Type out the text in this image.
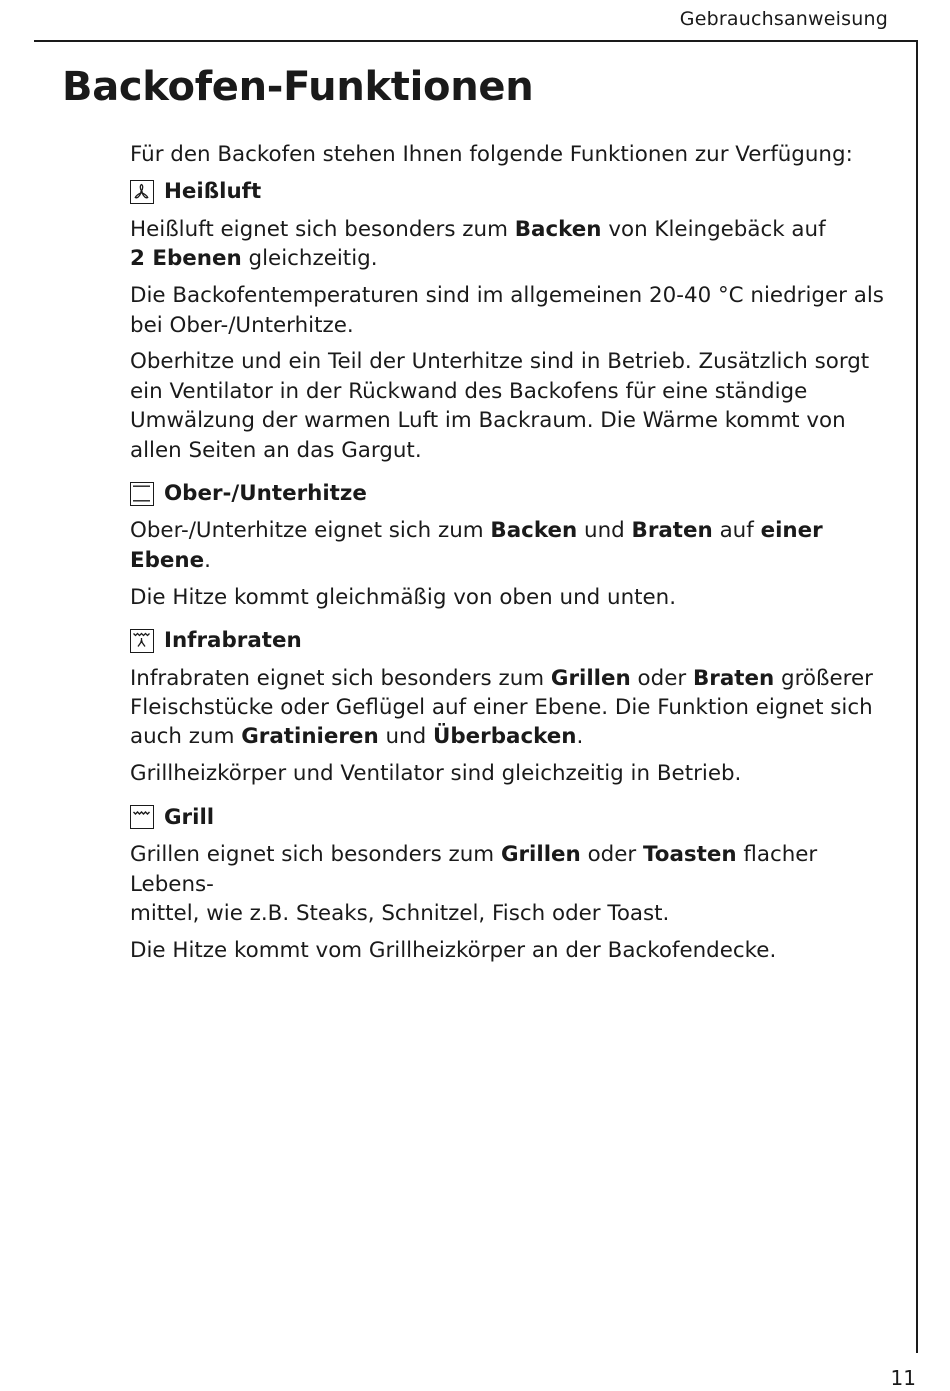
Gebrauchsanweisung
Backofen-Funktionen

Für den Backofen stehen Ihnen folgende Funktionen zur Verfügung:

Heißluft

Heißluft eignet sich besonders zum Backen von Kleingebäck auf
2 Ebenen gleichzeitig.

Die Backofentemperaturen sind im allgemeinen 20-40 °C niedriger als bei Ober-/Unterhitze.

Oberhitze und ein Teil der Unterhitze sind in Betrieb. Zusätzlich sorgt ein Ventilator in der Rückwand des Backofens für eine ständige Umwälzung der warmen Luft im Backraum. Die Wärme kommt von allen Seiten an das Gargut.

Ober-/Unterhitze

Ober-/Unterhitze eignet sich zum Backen und Braten auf einer Ebene.

Die Hitze kommt gleichmäßig von oben und unten.

Infrabraten

Infrabraten eignet sich besonders zum Grillen oder Braten größerer Fleischstücke oder Geflügel auf einer Ebene. Die Funktion eignet sich auch zum Gratinieren und Überbacken.

Grillheizkörper und Ventilator sind gleichzeitig in Betrieb.

Grill

Grillen eignet sich besonders zum Grillen oder Toasten flacher Lebens-
mittel, wie z.B. Steaks, Schnitzel, Fisch oder Toast.

Die Hitze kommt vom Grillheizkörper an der Backofendecke.

11
